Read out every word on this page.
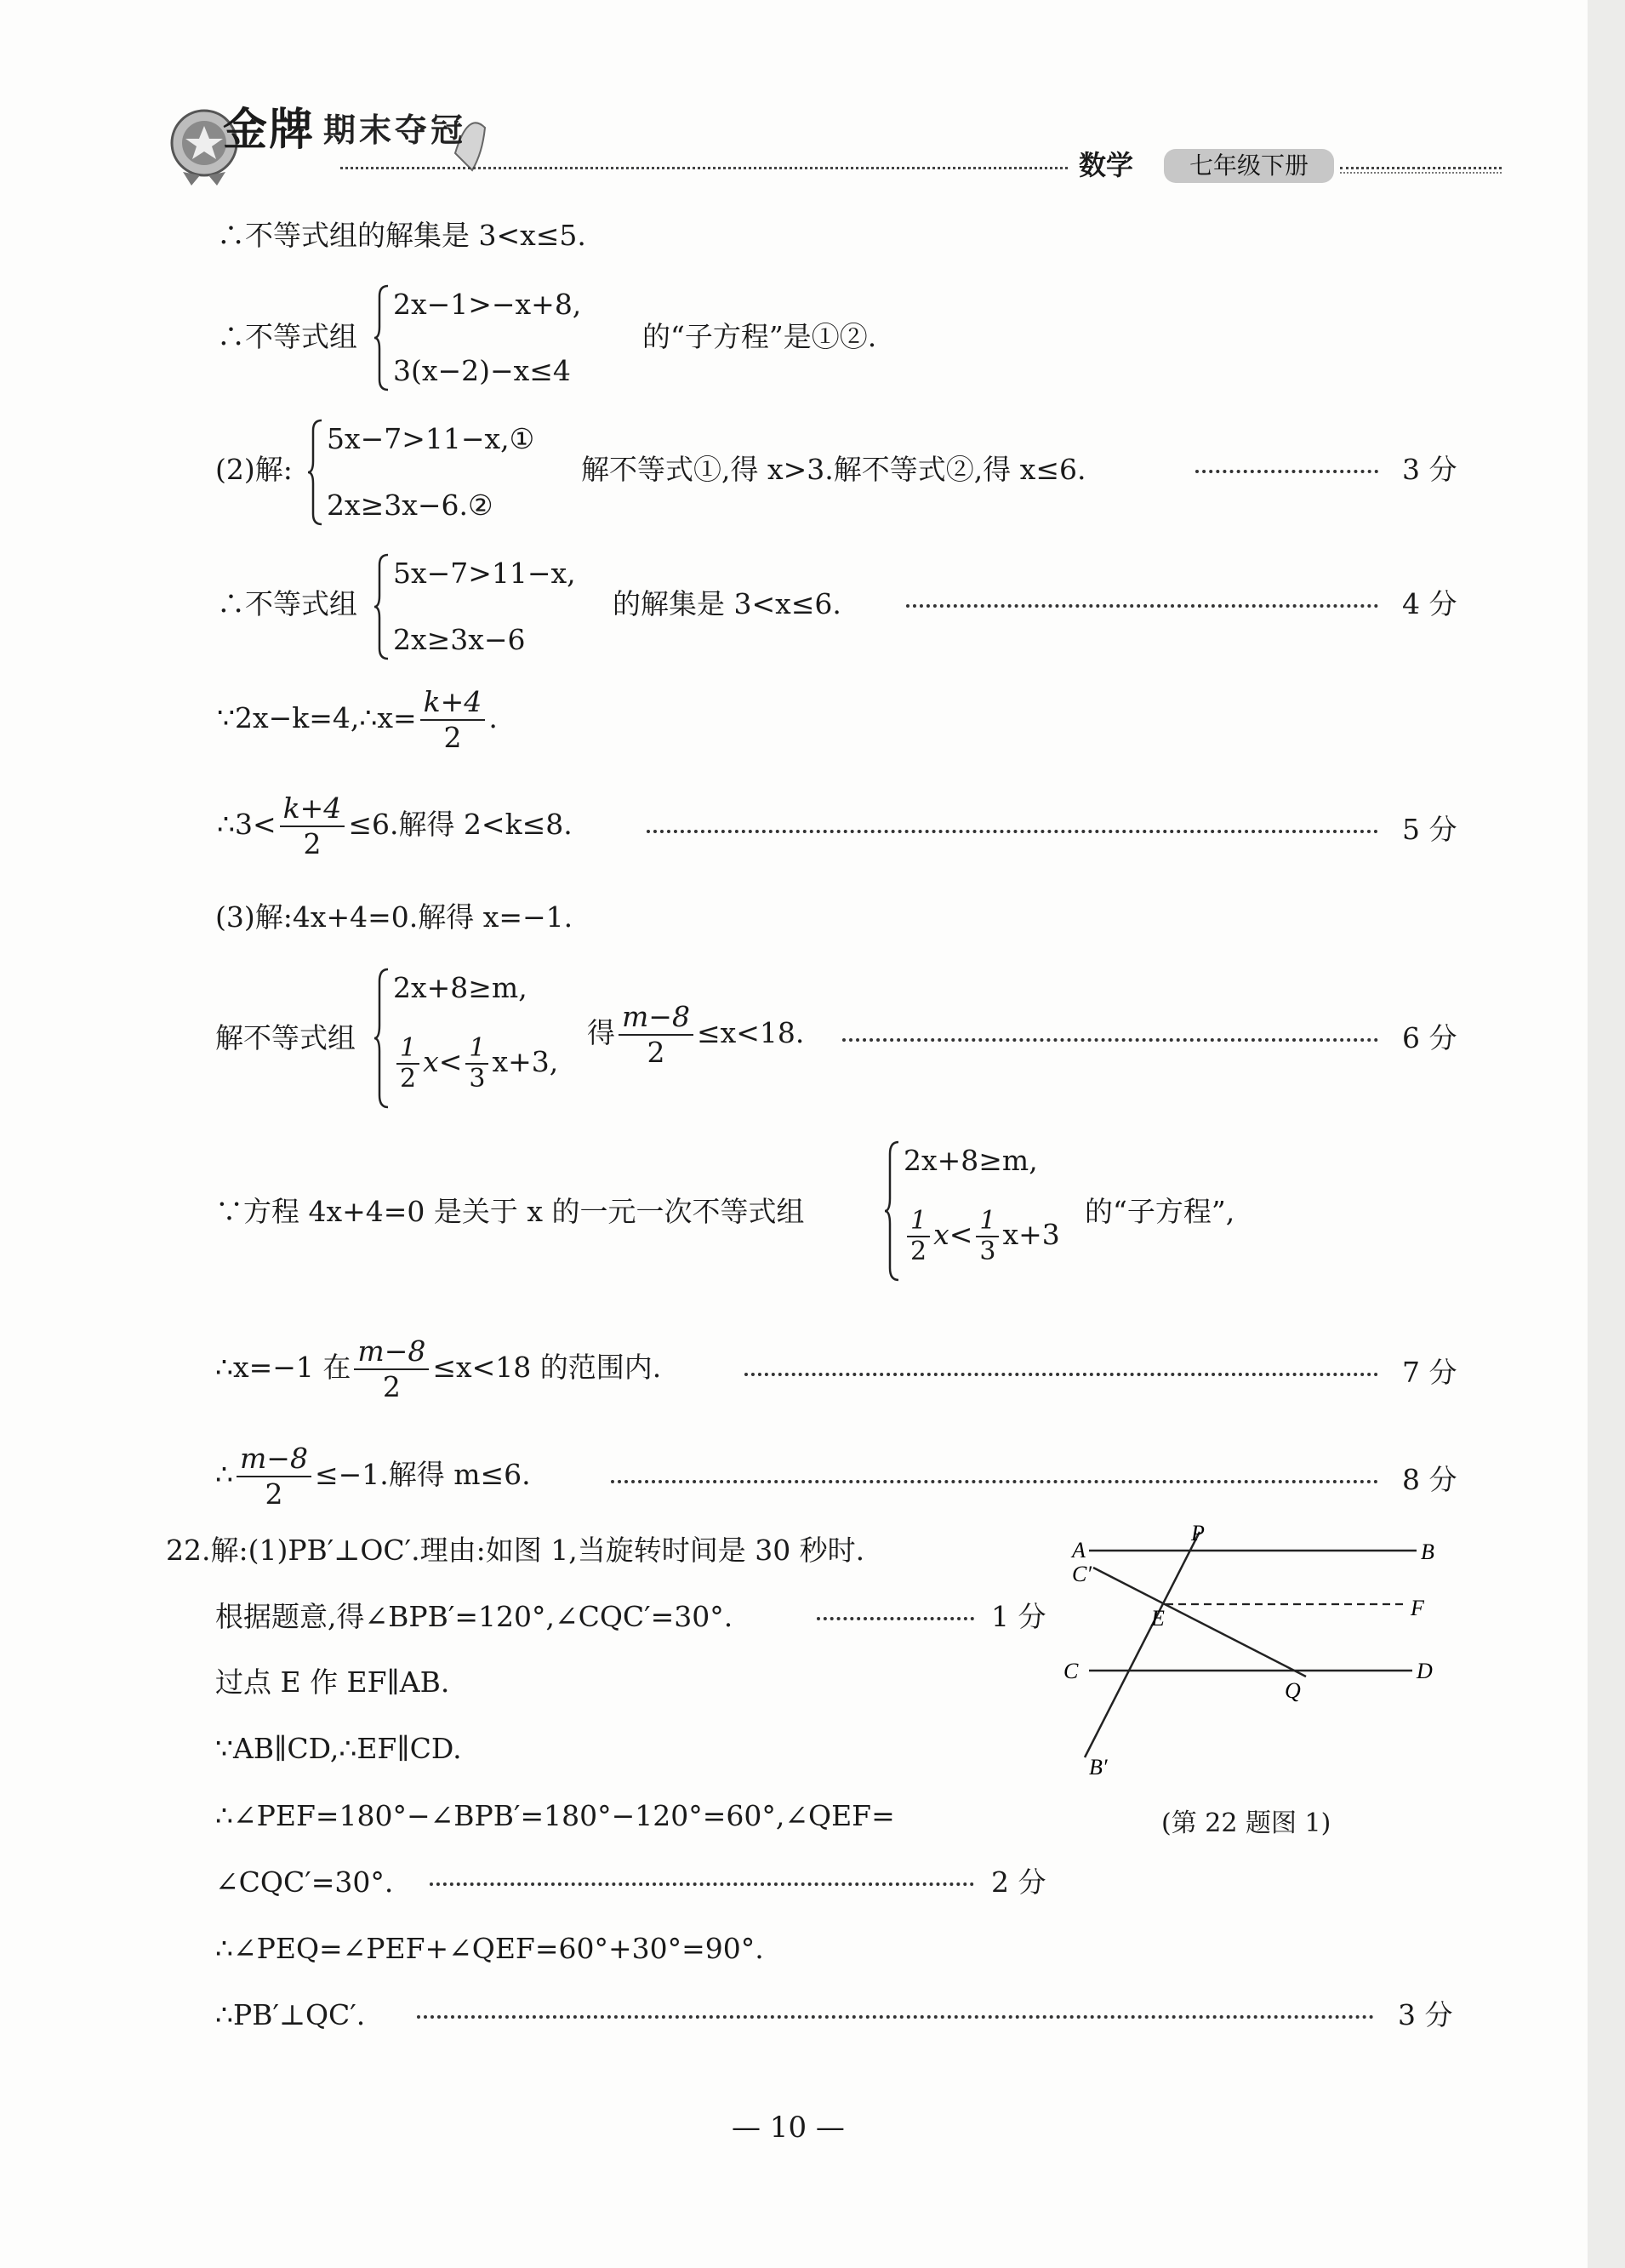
金牌 期末夺冠
数学	七年级下册
∴不等式组的解集是 3<x≤5.
∴不等式组
2x−1>−x+8,
3(x−2)−x≤4
的“子方程”是①②.
(2)解:
5x−7>11−x,①
2x≥3x−6.②
解不等式①,得 x>3.解不等式②,得 x≤6.	3 分
∴不等式组
5x−7>11−x,
2x≥3x−6
的解集是 3<x≤6.	4 分
∵2x−k=4,∴x= $\frac{k+4}{2}$ .
∴3< $\frac{k+4}{2} \le 6$.解得 2<k≤8.	5 分
(3)解:4x+4=0.解得 x=−1.
解不等式组
2x+8≥m,
$\frac{1}{2} x< \frac{1}{3} x+3$,
得 $\frac{m-8}{2} \le x<18$.	6 分
∵方程 4x+4=0 是关于 x 的一元一次不等式组
2x+8≥m,
$\frac{1}{2} x< \frac{1}{3} x+3$
的“子方程”,
∴x=−1 在 $\frac{m-8}{2} \le x<18$ 的范围内.	7 分
∴ $\frac{m-8}{2} \le-1$.解得 m≤6.	8 分
22.解:(1)PB′⊥OC′.理由:如图 1,当旋转时间是 30 秒时.
根据题意,得∠BPB′=120°,∠CQC′=30°.	1 分
过点 E 作 EF∥AB.
∵AB∥CD,∴EF∥CD.
∴∠PEF=180°−∠BPB′=180°−120°=60°,∠QEF=
∠CQC′=30°.	2 分
∴∠PEQ=∠PEF+∠QEF=60°+30°=90°.
∴PB′⊥QC′.	3 分
A
P
B
C′
E	F
C
Q
D
B′
(第 22 题图 1)
— 10 —
